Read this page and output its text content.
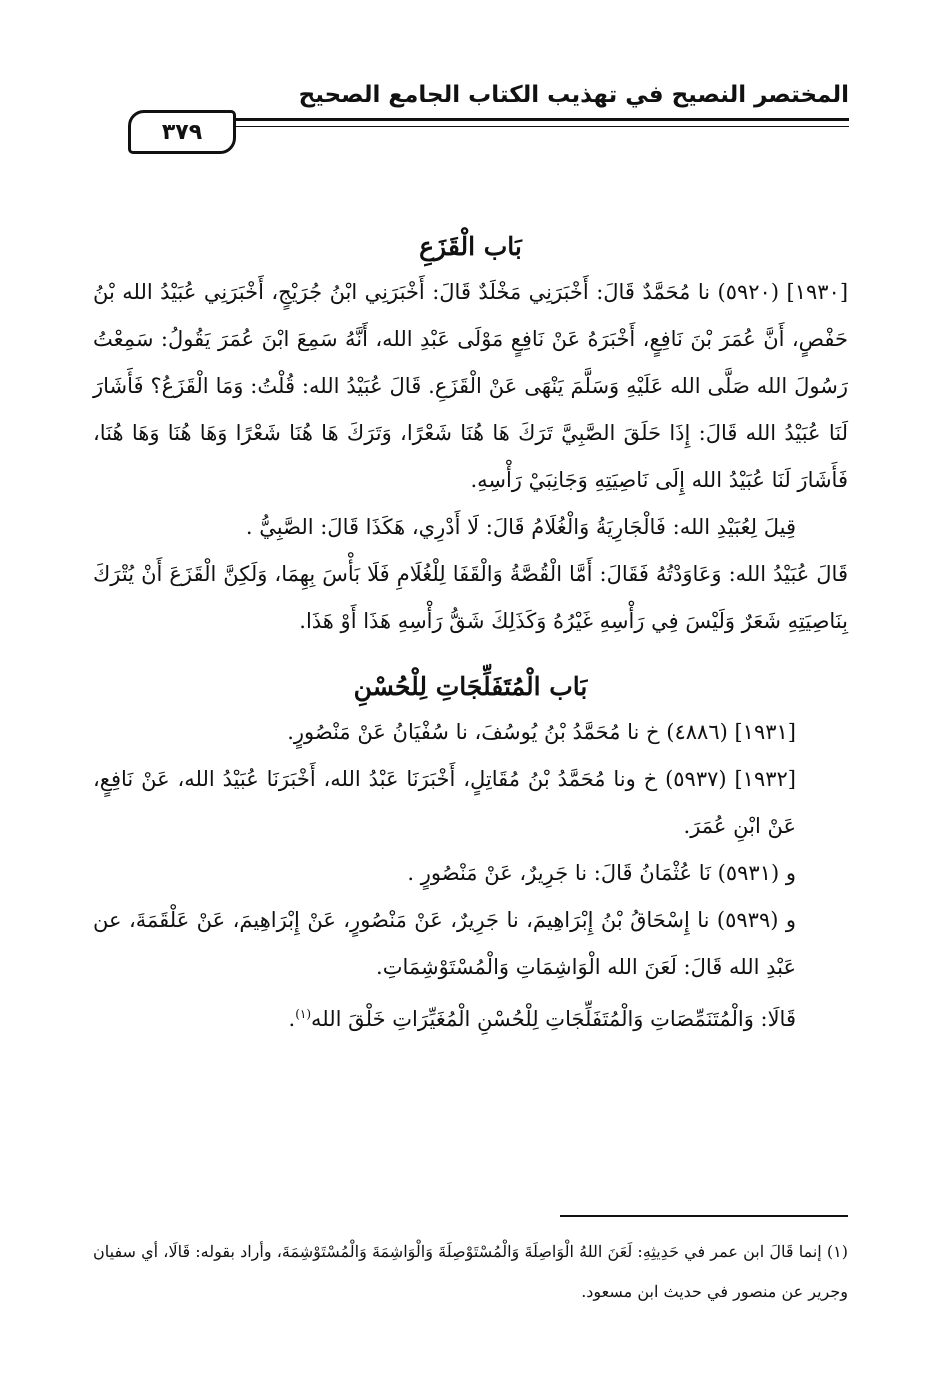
المختصر النصيح في تهذيب الكتاب الجامع الصحيح
٣٧٩
بَاب الْقَزَعِ

[١٩٣٠] (٥٩٢٠) نا مُحَمَّدٌ قَالَ: أَخْبَرَنِي مَخْلَدٌ قَالَ: أَخْبَرَنِي ابْنُ جُرَيْجٍ، أَخْبَرَنِي عُبَيْدُ الله بْنُ حَفْصٍ، أَنَّ عُمَرَ بْنَ نَافِعٍ، أَخْبَرَهُ عَنْ نَافِعٍ مَوْلَى عَبْدِ الله، أَنَّهُ سَمِعَ ابْنَ عُمَرَ يَقُولُ: سَمِعْتُ رَسُولَ الله صَلَّى الله عَلَيْهِ وَسَلَّمَ يَنْهَى عَنْ الْقَزَعِ. قَالَ عُبَيْدُ الله: قُلْتُ: وَمَا الْقَزَعُ؟ فَأَشَارَ لَنَا عُبَيْدُ الله قَالَ: إِذَا حَلَقَ الصَّبِيَّ تَرَكَ هَا هُنَا شَعْرًا، وَتَرَكَ هَا هُنَا شَعْرًا وَهَا هُنَا وَهَا هُنَا، فَأَشَارَ لَنَا عُبَيْدُ الله إِلَى نَاصِيَتِهِ وَجَانِبَيْ رَأْسِهِ.

قِيلَ لِعُبَيْدِ الله: فَالْجَارِيَةُ وَالْغُلَامُ قَالَ: لَا أَدْرِي، هَكَذَا قَالَ: الصَّبِيُّ .

قَالَ عُبَيْدُ الله: وَعَاوَدْتُهُ فَقَالَ: أَمَّا الْقُصَّةُ وَالْقَفَا لِلْغُلَامِ فَلَا بَأْسَ بِهِمَا، وَلَكِنَّ الْقَزَعَ أَنْ يُتْرَكَ بِنَاصِيَتِهِ شَعَرٌ وَلَيْسَ فِي رَأْسِهِ غَيْرُهُ وَكَذَلِكَ شَقُّ رَأْسِهِ هَذَا أَوْ هَذَا.

بَاب الْمُتَفَلِّجَاتِ لِلْحُسْنِ

[١٩٣١] (٤٨٨٦) خ نا مُحَمَّدُ بْنُ يُوسُفَ، نا سُفْيَانُ عَنْ مَنْصُورٍ.

[١٩٣٢] (٥٩٣٧) خ ونا مُحَمَّدُ بْنُ مُقَاتِلٍ، أَخْبَرَنَا عَبْدُ الله، أَخْبَرَنَا عُبَيْدُ الله، عَنْ نَافِعٍ، عَنْ ابْنِ عُمَرَ.

و (٥٩٣١) نَا عُثْمَانُ قَالَ: نا جَرِيرٌ، عَنْ مَنْصُورٍ .

و (٥٩٣٩) نا إِسْحَاقُ بْنُ إِبْرَاهِيمَ، نا جَرِيرٌ، عَنْ مَنْصُورٍ، عَنْ إِبْرَاهِيمَ، عَنْ عَلْقَمَةَ، عن عَبْدِ الله قَالَ: لَعَنَ الله الْوَاشِمَاتِ وَالْمُسْتَوْشِمَاتِ.

قَالَا: وَالْمُتَنَمِّصَاتِ وَالْمُتَفَلِّجَاتِ لِلْحُسْنِ الْمُغَيِّرَاتِ خَلْقَ الله$^{(١)}$.

(١) إنما قَالَ ابن عمر في حَدِيثِهِ: لَعَنَ اللهُ الْوَاصِلَةَ وَالْمُسْتَوْصِلَةَ وَالْوَاشِمَةَ وَالْمُسْتَوْشِمَةَ، وأراد بقوله: قَالَا، أي سفيان وجرير عن منصور في حديث ابن مسعود.
